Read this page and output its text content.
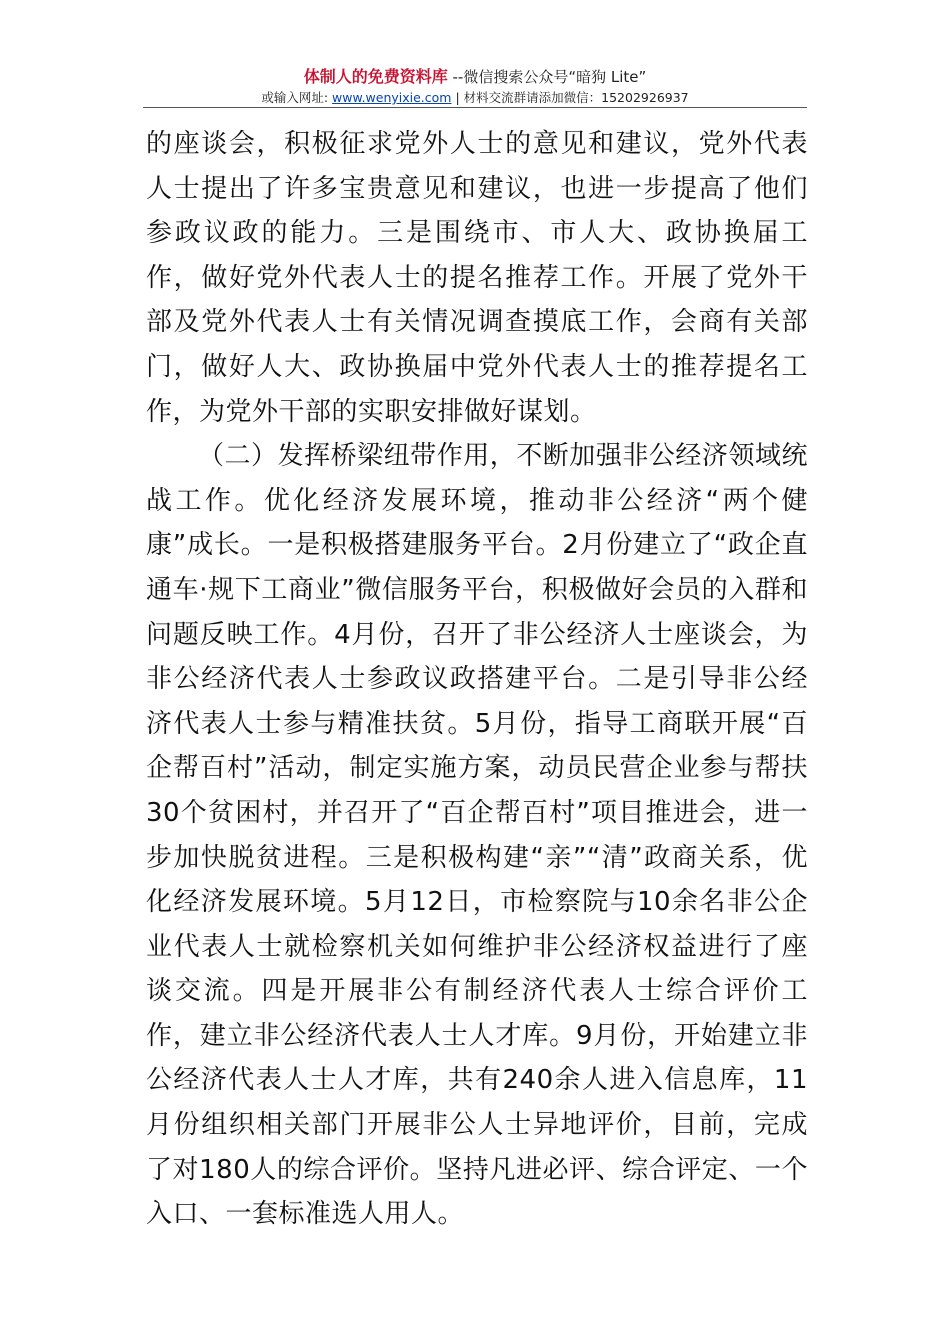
体制人的免费资料库 --微信搜索公众号“暗狗 Lite”
或输入网址: www.wenyixie.com | 材料交流群请添加微信：15202926937

的座谈会，积极征求党外人士的意见和建议，党外代表人士提出了许多宝贵意见和建议，也进一步提高了他们参政议政的能力。三是围绕市、市人大、政协换届工作，做好党外代表人士的提名推荐工作。开展了党外干部及党外代表人士有关情况调查摸底工作，会商有关部门，做好人大、政协换届中党外代表人士的推荐提名工作，为党外干部的实职安排做好谋划。

（二）发挥桥梁纽带作用，不断加强非公经济领域统战工作。优化经济发展环境，推动非公经济“两个健康”成长。一是积极搭建服务平台。2月份建立了“政企直通车·规下工商业”微信服务平台，积极做好会员的入群和问题反映工作。4月份，召开了非公经济人士座谈会，为非公经济代表人士参政议政搭建平台。二是引导非公经济代表人士参与精准扶贫。5月份，指导工商联开展“百企帮百村”活动，制定实施方案，动员民营企业参与帮扶30个贫困村，并召开了“百企帮百村”项目推进会，进一步加快脱贫进程。三是积极构建“亲”“清”政商关系，优化经济发展环境。5月12日，市检察院与10余名非公企业代表人士就检察机关如何维护非公经济权益进行了座谈交流。四是开展非公有制经济代表人士综合评价工作，建立非公经济代表人士人才库。9月份，开始建立非公经济代表人士人才库，共有240余人进入信息库，11月份组织相关部门开展非公人士异地评价，目前，完成了对180人的综合评价。坚持凡进必评、综合评定、一个入口、一套标准选人用人。
